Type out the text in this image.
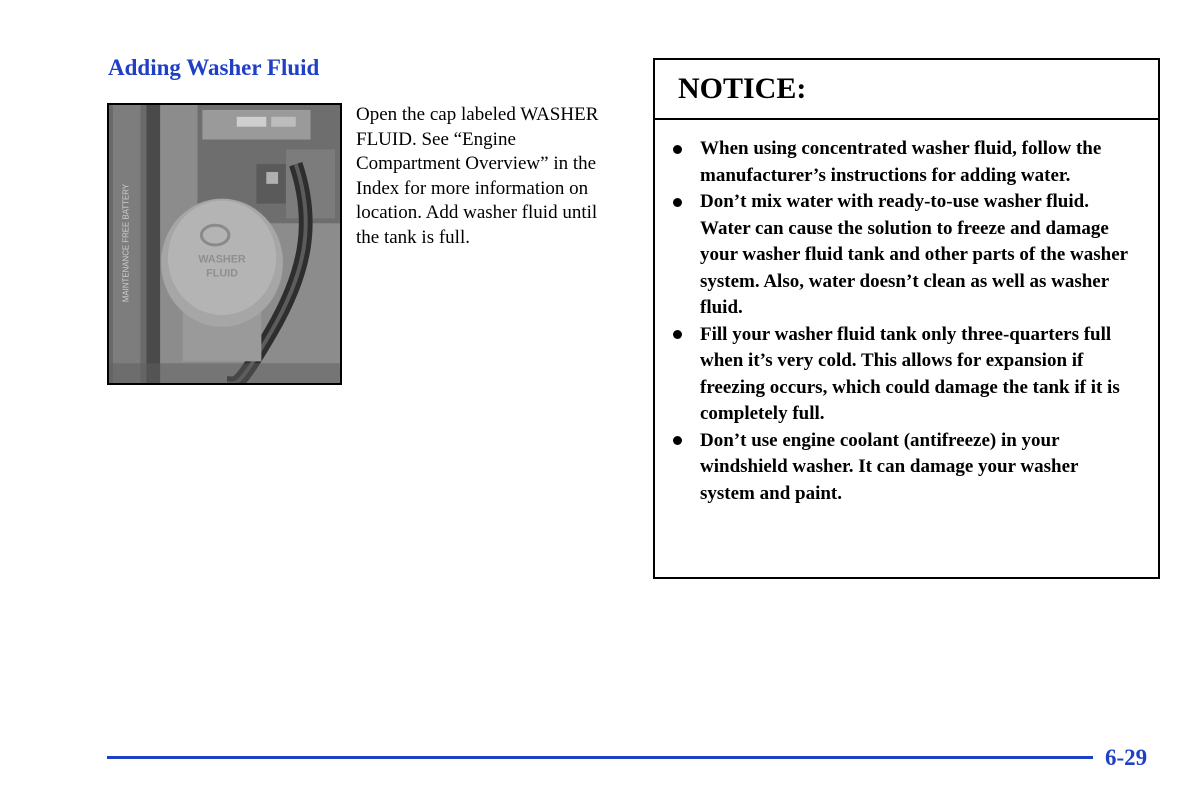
Adding Washer Fluid
MAINTENANCE FREE BATTERY	WASHER
FLUID

Open the cap labeled WASHER FLUID. See “Engine Compartment Overview” in the Index for more information on location. Add washer fluid until the tank is full.

NOTICE:
When using concentrated washer fluid, follow the manufacturer’s instructions for adding water.
Don’t mix water with ready-to-use washer fluid. Water can cause the solution to freeze and damage your washer fluid tank and other parts of the washer system. Also, water doesn’t clean as well as washer fluid.
Fill your washer fluid tank only three-quarters full when it’s very cold. This allows for expansion if freezing occurs, which could damage the tank if it is completely full.
Don’t use engine coolant (antifreeze) in your windshield washer. It can damage your washer system and paint.
6-29
